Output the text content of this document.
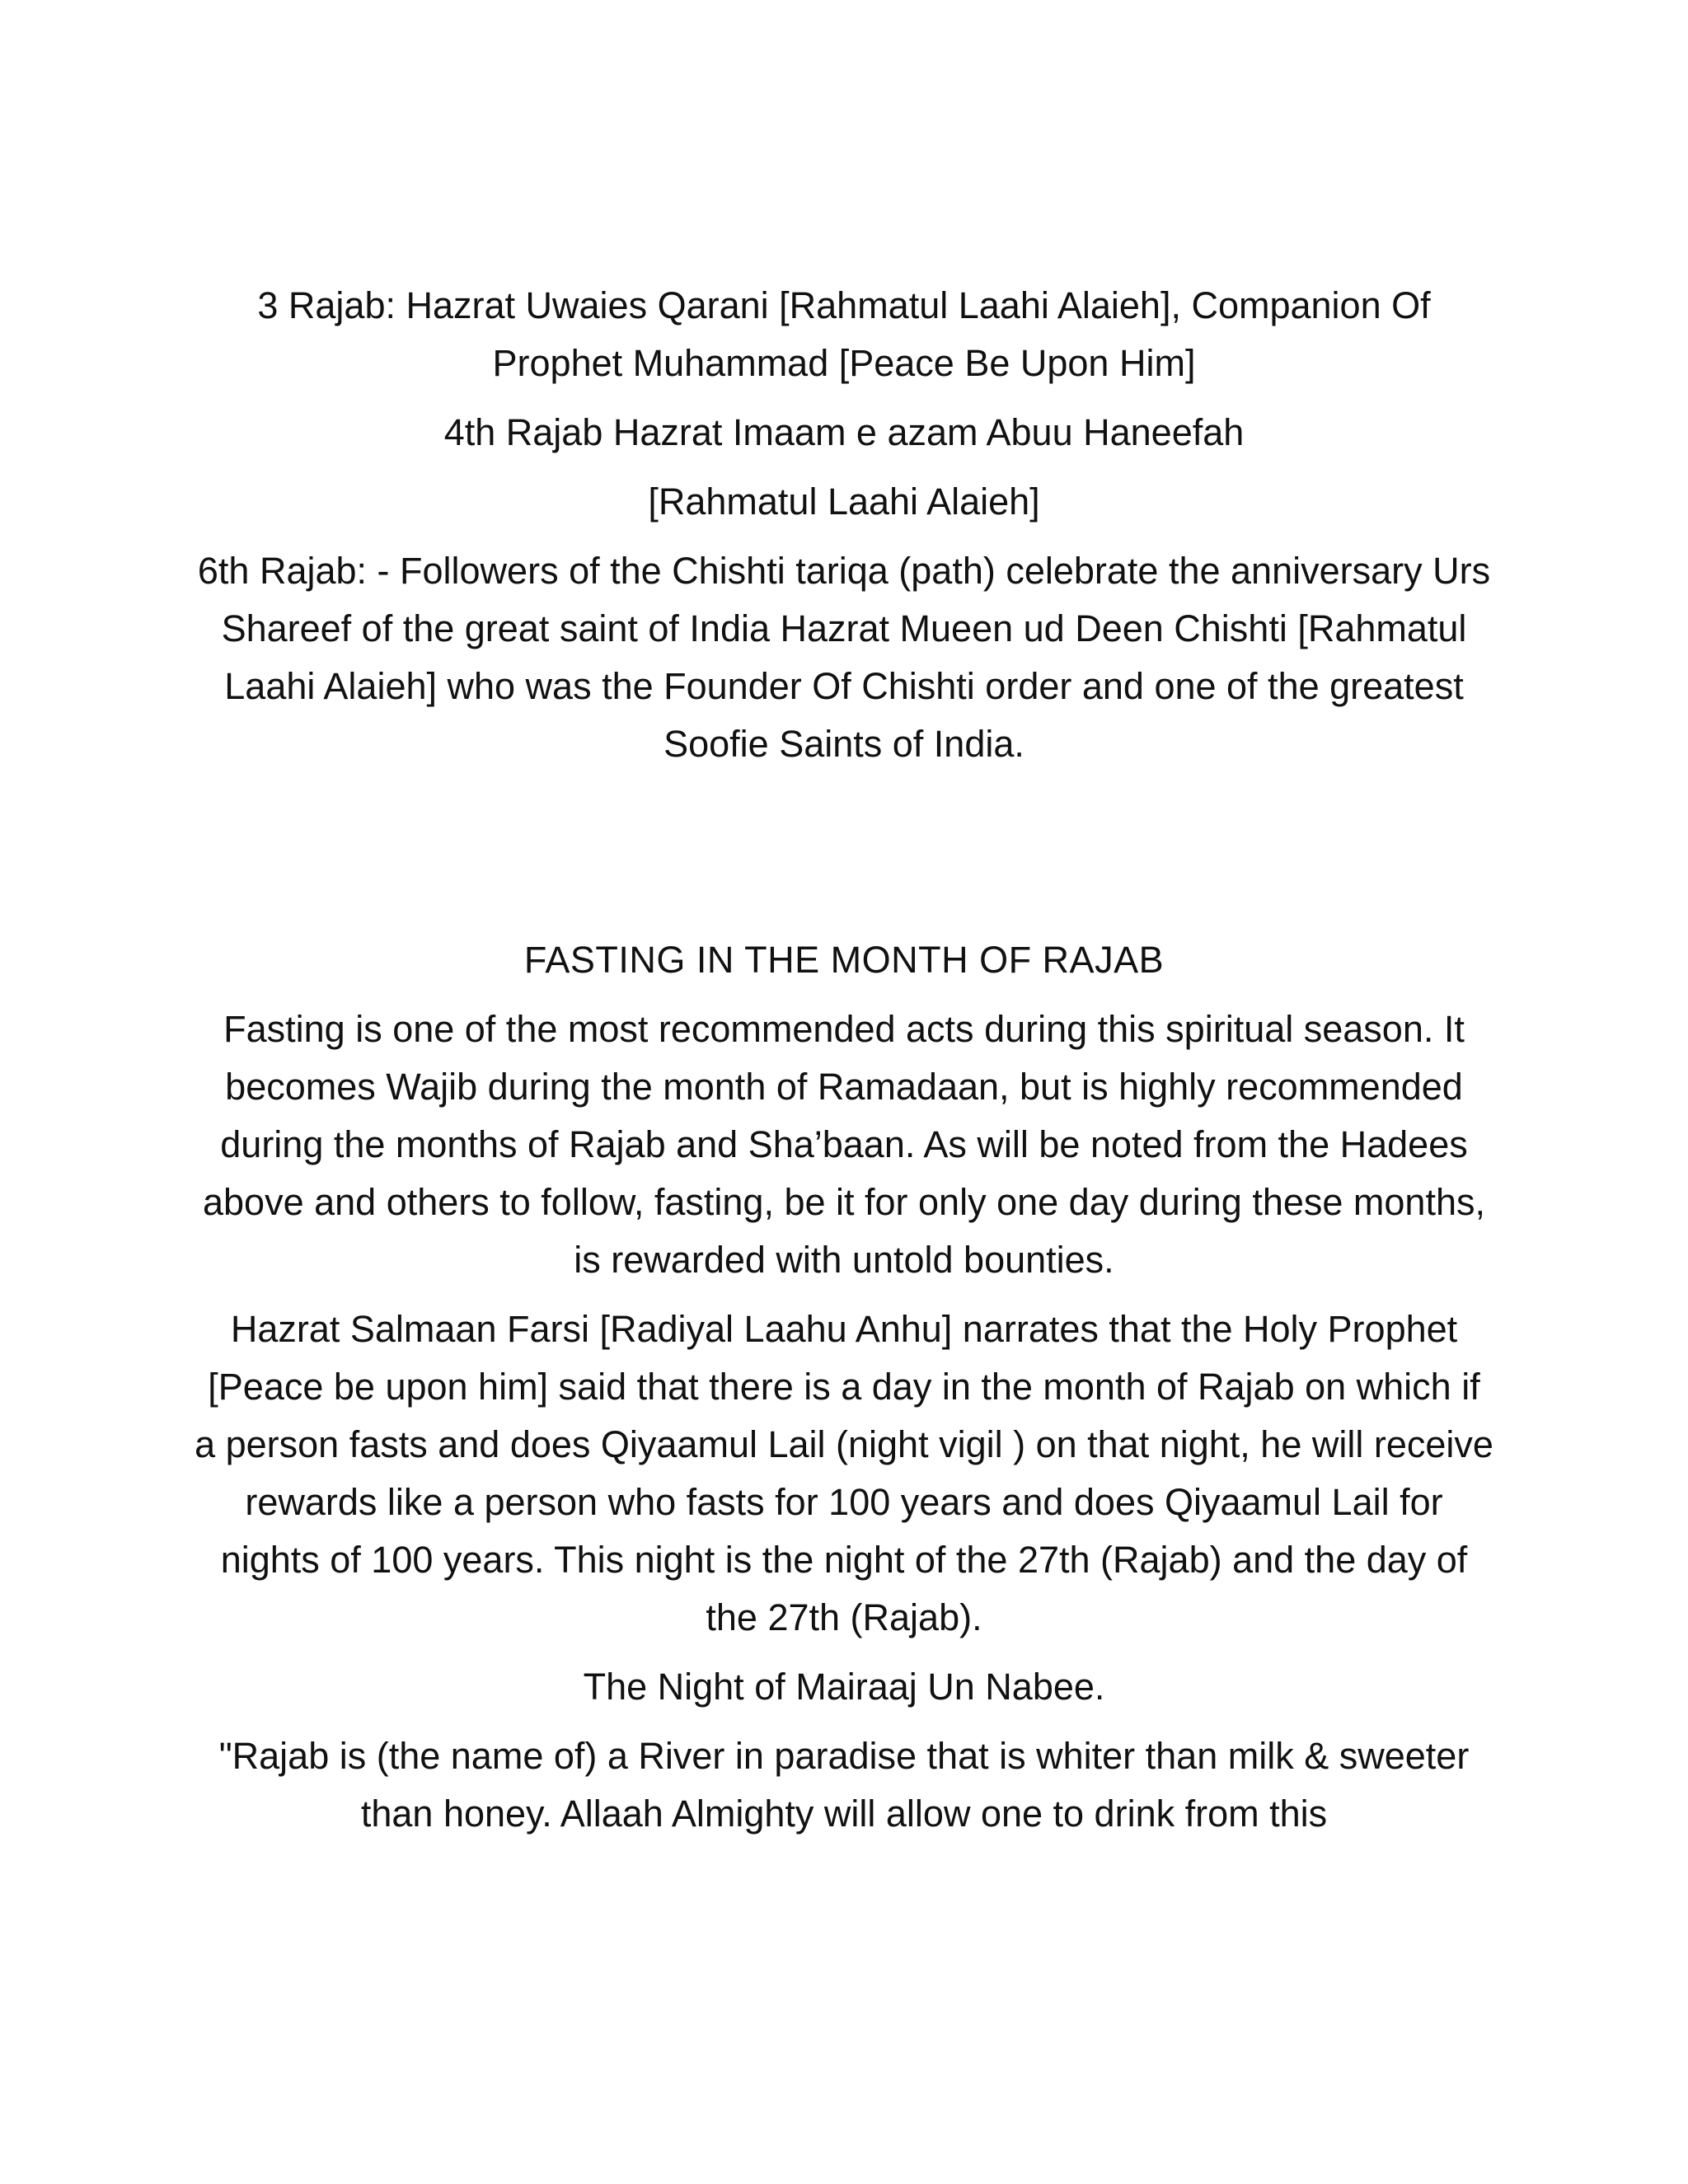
3 Rajab: Hazrat Uwaies Qarani [Rahmatul Laahi Alaieh], Companion Of Prophet Muhammad [Peace Be Upon Him]

4th Rajab Hazrat Imaam e azam Abuu Haneefah

[Rahmatul Laahi Alaieh]

6th Rajab: - Followers of the Chishti tariqa (path) celebrate the anniversary Urs Shareef of the great saint of India Hazrat Mueen ud Deen Chishti [Rahmatul Laahi Alaieh] who was the Founder Of Chishti order and one of the greatest Soofie Saints of India.

FASTING IN THE MONTH OF RAJAB

Fasting is one of the most recommended acts during this spiritual season. It becomes Wajib during the month of Ramadaan, but is highly recommended during the months of Rajab and Sha’baan. As will be noted from the Hadees above and others to follow, fasting, be it for only one day during these months, is rewarded with untold bounties.

Hazrat Salmaan Farsi [Radiyal Laahu Anhu] narrates that the Holy Prophet [Peace be upon him] said that there is a day in the month of Rajab on which if a person fasts and does Qiyaamul Lail (night vigil ) on that night, he will receive rewards like a person who fasts for 100 years and does Qiyaamul Lail for nights of 100 years. This night is the night of the 27th (Rajab) and the day of the 27th (Rajab).

The Night of Mairaaj Un Nabee.

"Rajab is (the name of) a River in paradise that is whiter than milk & sweeter than honey. Allaah Almighty will allow one to drink from this
